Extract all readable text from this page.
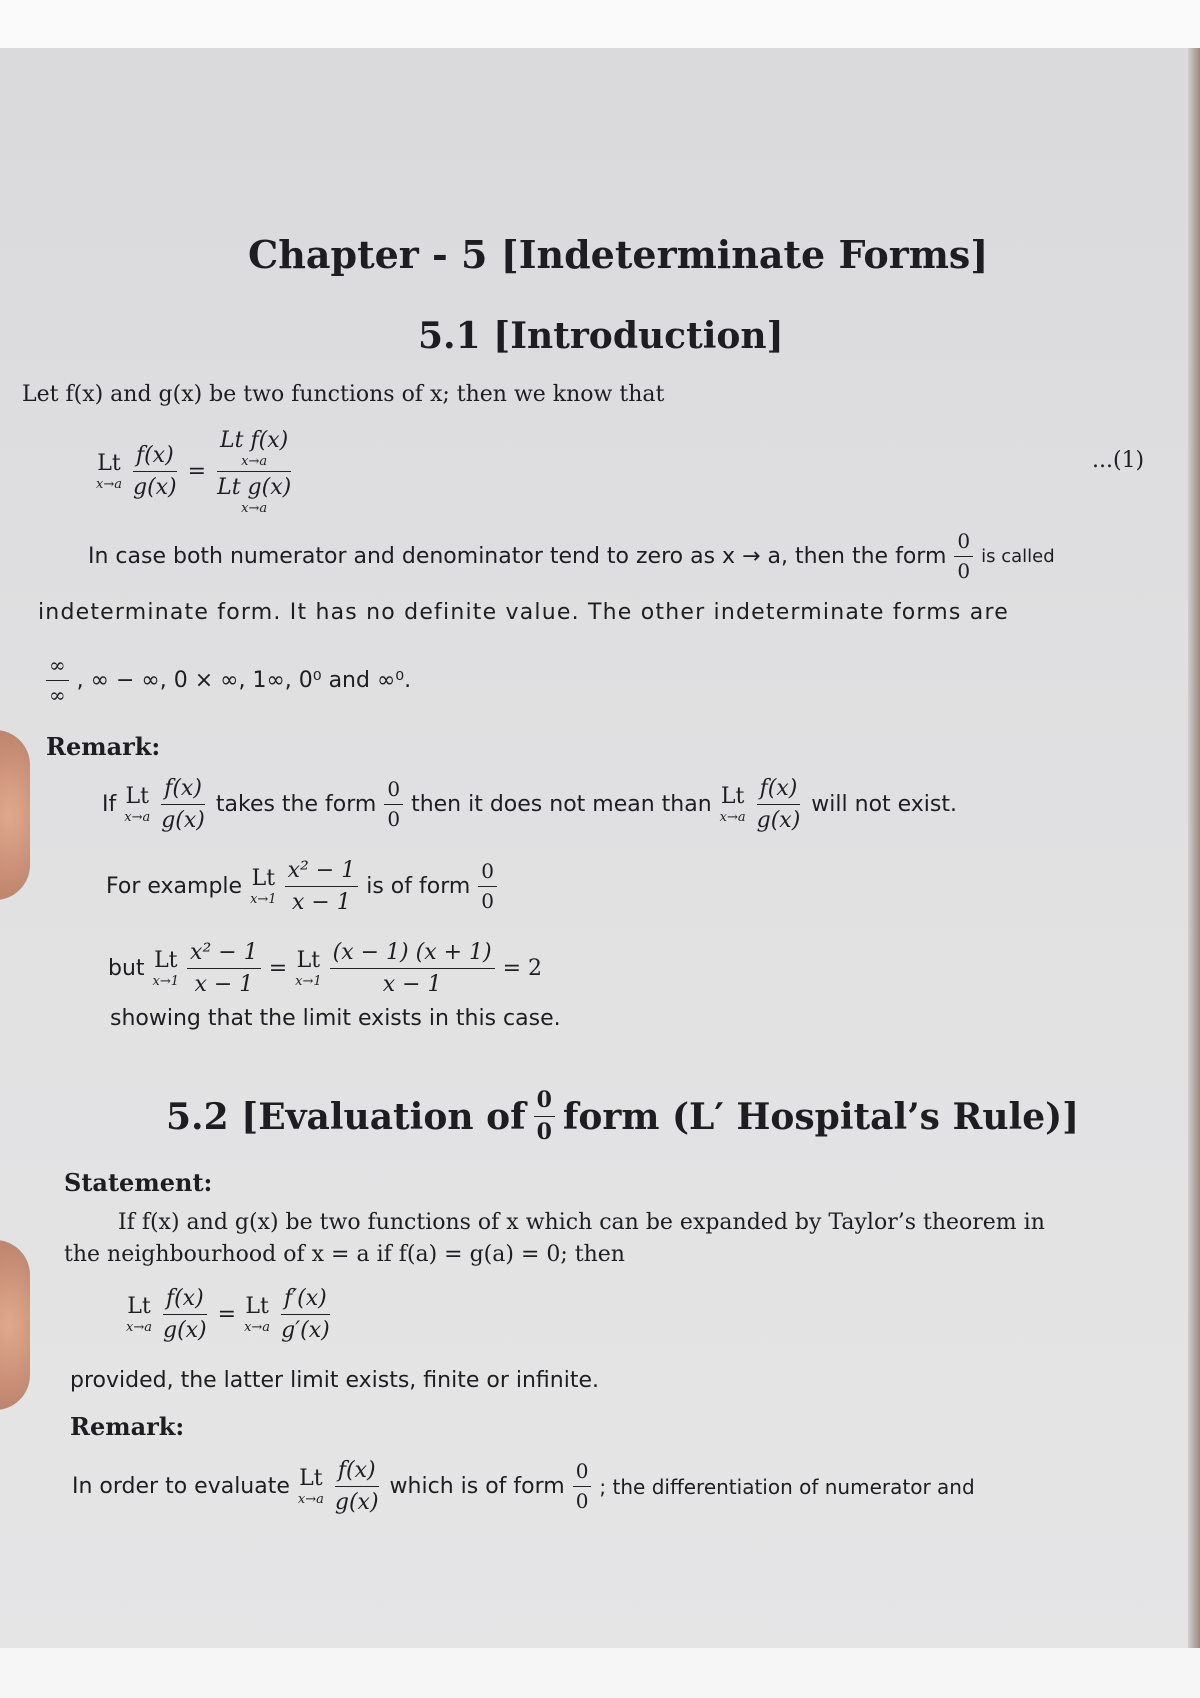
Chapter - 5 [Indeterminate Forms]
5.1 [Introduction]
Let f(x) and g(x) be two functions of x; then we know that
Lt
$x\to a \frac{f(x)}{g(x)} = Lt$ f(x)
x→a
Lt g(x)
x→a	...(1)
In case both numerator and denominator tend to zero as x → a, then the form $\frac{0}{0}$ is called
indeterminate form. It has no definite value. The other indeterminate forms are
$\frac{\infty}{\infty}$ , ∞ − ∞, 0 × ∞, 1∞, 0⁰ and ∞⁰.
Remark:
If Lt
$x\to a \frac{f(x)}{g(x)}$ takes the form $\frac{0}{0}$ then it does not mean than Lt
$x\to a \frac{f(x)}{g(x)}$ will not exist.
For example Lt
$x\to 1 \frac{\text{x² − 1}}{x - 1}$ is of form $\frac{0}{0}$
but Lt
$x\to 1 \frac{\text{x² − 1}}{x - 1} = Lt$
$x\to 1 \frac{(x - 1) (x + 1)}{x - 1} = 2$
showing that the limit exists in this case.
5.2 [Evaluation of $\frac{0}{0}$ form (L′ Hospital’s Rule)]
Statement:
If f(x) and g(x) be two functions of x which can be expanded by Taylor’s theorem in
the neighbourhood of x = a if f(a) = g(a) = 0; then
Lt
$x\to a \frac{f(x)}{g(x)} = Lt$
$x\to a \frac{f'(x)}{g'(x)}$
provided, the latter limit exists, finite or infinite.
Remark:
In order to evaluate Lt
$x\to a \frac{f(x)}{g(x)}$ which is of form $\frac{0}{0}$ ; the differentiation of numerator and
